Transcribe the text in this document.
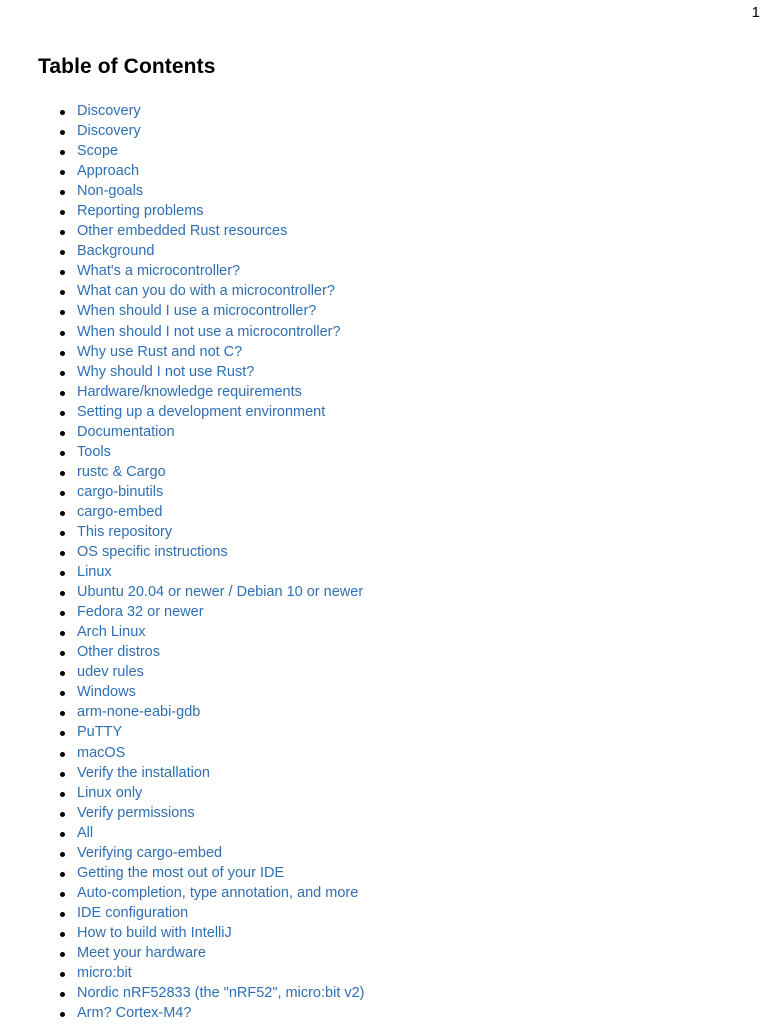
1
Table of Contents
Discovery
Discovery
Scope
Approach
Non-goals
Reporting problems
Other embedded Rust resources
Background
What's a microcontroller?
What can you do with a microcontroller?
When should I use a microcontroller?
When should I not use a microcontroller?
Why use Rust and not C?
Why should I not use Rust?
Hardware/knowledge requirements
Setting up a development environment
Documentation
Tools
rustc & Cargo
cargo-binutils
cargo-embed
This repository
OS specific instructions
Linux
Ubuntu 20.04 or newer / Debian 10 or newer
Fedora 32 or newer
Arch Linux
Other distros
udev rules
Windows
arm-none-eabi-gdb
PuTTY
macOS
Verify the installation
Linux only
Verify permissions
All
Verifying cargo-embed
Getting the most out of your IDE
Auto-completion, type annotation, and more
IDE configuration
How to build with IntelliJ
Meet your hardware
micro:bit
Nordic nRF52833 (the "nRF52", micro:bit v2)
Arm? Cortex-M4?
